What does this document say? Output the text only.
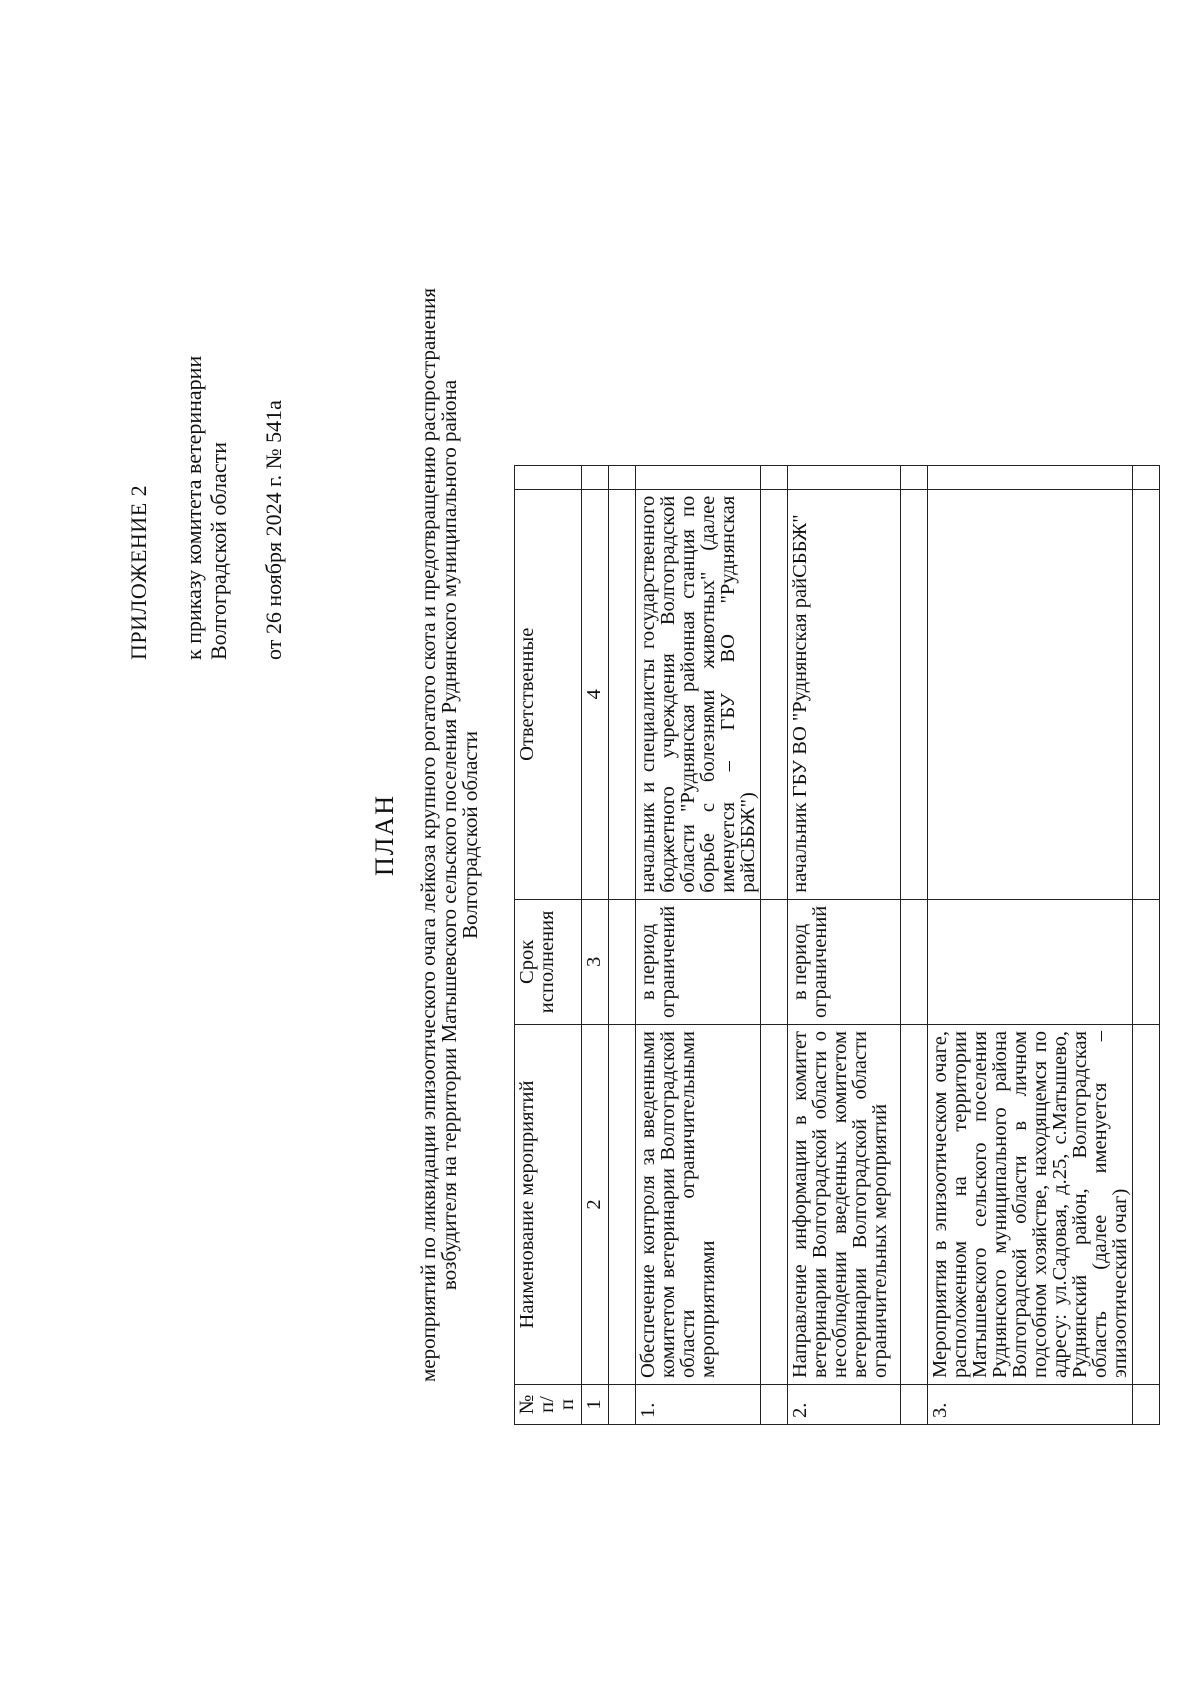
ПРИЛОЖЕНИЕ 2 к приказу комитета ветеринарии Волгоградской области от 26 ноября 2024 г. № 541а
ПЛАН мероприятий по ликвидации эпизоотического очага лейкоза крупного рогатого скота и предотвращению распространения
возбудителя на территории Матышевского сельского поселения Руднянского муниципального района
Волгоградской области
№ п/п	Наименование мероприятий	Срок исполнения	Ответственные	
1	2	3	4	

1.	Обеспечение контроля за введенными комитетом ветеринарии Волгоградской области ограничительными мероприятиями	в период ограничений	начальник и специалисты государственного бюджетного учреждения Волгоградской области "Руднянская районная станция по борьбе с болезнями животных" (далее именуется – ГБУ ВО "Руднянская райСББЖ")	

2.	Направление информации в комитет ветеринарии Волгоградской области о несоблюдении введенных комитетом ветеринарии Волгоградской области ограничительных мероприятий	в период ограничений	начальник ГБУ ВО "Руднянская райСББЖ"	

3.	Мероприятия в эпизоотическом очаге, расположенном на территории Матышевского сельского поселения Руднянского муниципального района Волгоградской области в личном подсобном хозяйстве, находящемся по адресу: ул.Садовая, д.25, с.Матышево, Руднянский район, Волгоградская область (далее именуется – эпизоотический очаг)			
